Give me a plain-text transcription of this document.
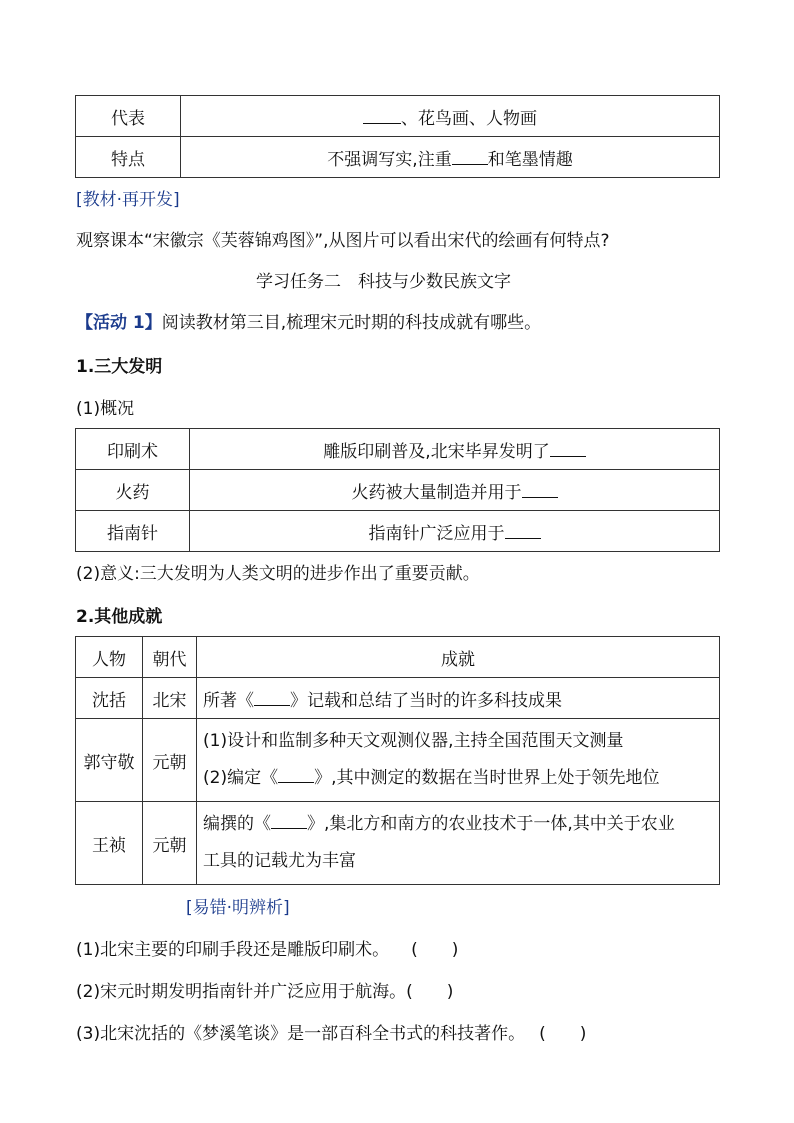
代表	、花鸟画、人物画
特点	不强调写实,注重 和笔墨情趣
[教材·再开发]
观察课本“宋徽宗《芙蓉锦鸡图》”,从图片可以看出宋代的绘画有何特点?
学习任务二　科技与少数民族文字
【活动 1】阅读教材第三目,梳理宋元时期的科技成就有哪些。
1.三大发明
(1)概况
印刷术	雕版印刷普及,北宋毕昇发明了
火药	火药被大量制造并用于
指南针	指南针广泛应用于
(2)意义:三大发明为人类文明的进步作出了重要贡献。
2.其他成就
人物	朝代	成就
沈括	北宋	所著《 》记载和总结了当时的许多科技成果
郭守敬	元朝	(1)设计和监制多种天文观测仪器,主持全国范围天文测量
(2)编定《 》,其中测定的数据在当时世界上处于领先地位

王祯	元朝	编撰的《 》,集北方和南方的农业技术于一体,其中关于农业
工具的记载尤为丰富
[易错·明辨析]
(1)北宋主要的印刷手段还是雕版印刷术。 (　　)
(2)宋元时期发明指南针并广泛应用于航海。(　　)
(3)北宋沈括的《梦溪笔谈》是一部百科全书式的科技著作。 (　　)
